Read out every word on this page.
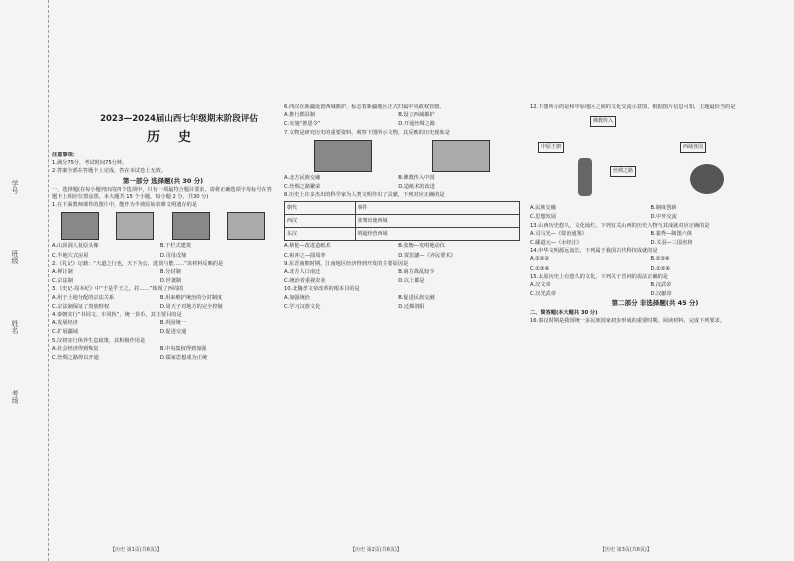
学号
班级
姓名
考场
2023—2024届山西七年级期末阶段评估
历史
注意事项：
1.满分75分，考试时间75分钟。
2.答案全部在答题卡上完成，答在本试卷上无效。
第一部分 选择题(共 30 分)
一、选择题(在每小题列出的四个选项中，只有一项最符合题目要求，请将正确选项字母标号在答题卡上相应位置涂黑。本大题共 15 个小题，每小题 2 分，共30 分)
1.在下面教师课件的图片中，能作为半坡原始农耕文明遗存的是
A.山顶洞人复原头像	B.干栏式建筑
C.半地穴式房屋	D.司母戊鼎
2.《礼记》记载：“大道之行也，天下为公，选贤与能……”该材料反映的是
A.禅让制	B.分封制
C.宗法制	D.世袭制
3.《史记·周本纪》中“于是乎王之，封……”体现了西周的
A.用于土地分配的宗法关系	B.用来维护统治的分封制度
C.宗法制保证了贵族特权	D.周天子对地方的完全控制
4.秦朝实行“书同文、车同轨”，统一货币，其主要目的是
A.发展经济	B.巩固统一
C.扩展疆域	D.促进交通
5.汉初实行休养生息政策，其积极作用是
A.社会经济得到恢复	B.中央集权得到加强
C.丝绸之路得以开通	D.儒家思想成为正统
6.西汉在新疆设置西域都护，标志着新疆地区正式归属中央政权管辖。
A.推行郡县制	B.设立西域都护
C.实施“推恩令”	D.开通丝绸之路
7.文物是研究历史的重要资料，观察下图所示文物，其反映的历史现象是
A.北方民族交融	B.佛教传入中国
C.丝绸之路繁荣	D.造纸术的改进
8.历史上许多杰出的科学家为人类文明作出了贡献，下列对应正确的是
朝代	事件
西汉	张骞出使西域
东汉	班超经营西域
A.蔡伦—改进造纸术	B.张衡—发明地动仪
C.祖冲之—圆周率	D.贾思勰—《齐民要术》
9.东晋南朝时期，江南地区经济得到开发的主要原因是
A.北方人口南迁	B.南方战乱较少
C.统治者重视农业	D.以上都是
10.北魏孝文帝改革的根本目的是
A.加强统治	B.促进民族交融
C.学习汉族文化	D.迁都洛阳
12.下图所示的是和中原地区之间的文化交流示意图，根据图片信息可知，主题最恰当的是
佛教传入
中原王朝	西域各国
丝绸之路
A.民族交融	B.制度创新
C.思想发展	D.中外交流
13.山西历史悠久，文化灿烂。下列有关山西的历史人物与其成就对应正确的是
A.司马光—《资治通鉴》	B.裴秀—制图六体
C.郦道元—《水经注》	D.关羽—三国名将
14.中华文明源远流长，下列属于我国古代科技成就的是
A.①②③	B.②③④
C.①③④	D.①②④
15.太原历史上有悠久的文化，下列关于晋祠的说法正确的是
A.汉文帝	B.汉武帝
C.汉光武帝	D.汉献帝
第二部分 非选择题(共 45 分)
二、简答题(本大题共 30 分)
16.秦汉时期是我国统一多民族国家初步形成的重要时期。阅读材料，完成下列要求。
【历史 第1页(共6页)】	【历史 第2页(共6页)】	【历史 第3页(共6页)】
